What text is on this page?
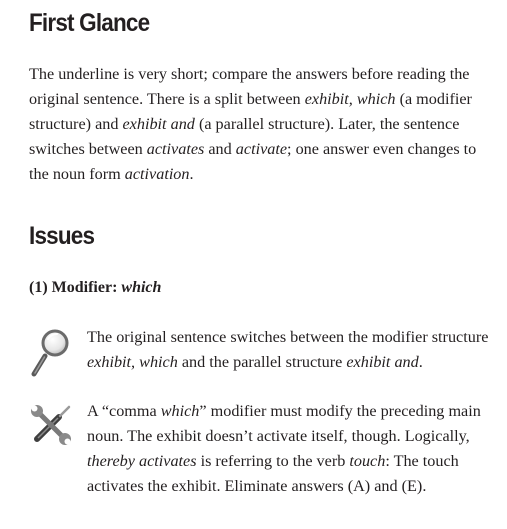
First Glance

The underline is very short; compare the answers before reading the original sentence. There is a split between exhibit, which (a modifier structure) and exhibit and (a parallel structure). Later, the sentence switches between activates and activate; one answer even changes to the noun form activation.

Issues

(1) Modifier: which

The original sentence switches between the modifier structure exhibit, which and the parallel structure exhibit and.

A “comma which” modifier must modify the preceding main noun. The exhibit doesn’t activate itself, though. Logically, thereby activates is referring to the verb touch: The touch activates the exhibit. Eliminate answers (A) and (E).
